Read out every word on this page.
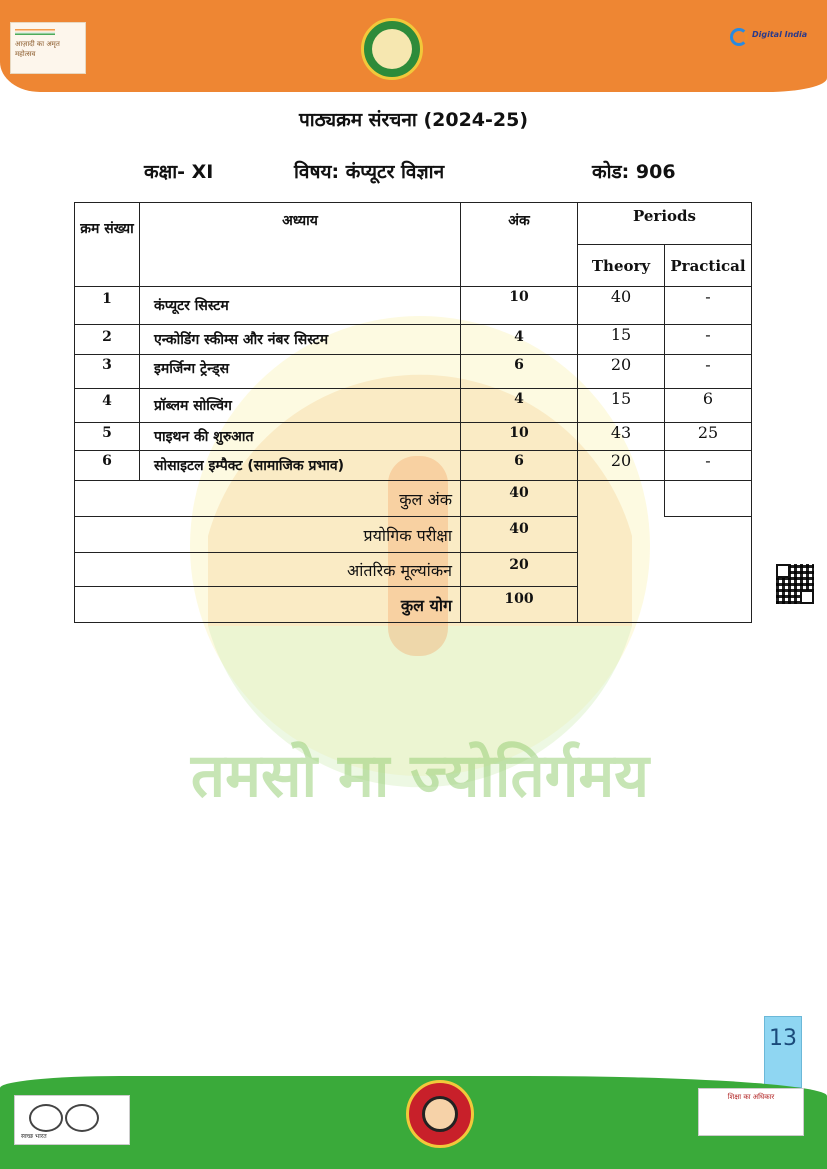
आज़ादी का अमृत महोत्सव
Digital India
तमसो मा ज्योतिर्गमय
पाठ्यक्रम संरचना (2024-25)
कक्षा- XI	विषय: कंप्यूटर विज्ञान	कोड: 906
क्रम संख्या	अध्याय	अंक	Periods	
			Theory	Practical
1	कंप्यूटर सिस्टम	10	40	-
2	एन्कोडिंग स्कीम्स और नंबर सिस्टम	4	15	-
3	इमर्जिन्ग ट्रेन्ड्स	6	20	-
4	प्रॉब्लम सोल्विंग	4	15	6
5	पाइथन की शुरुआत	10	43	25
6	सोसाइटल इम्पैक्ट (सामाजिक प्रभाव)	6	20	-
कुल अंक		40		
प्रयोगिक परीक्षा		40		
आंतरिक मूल्यांकन		20		
कुल योग		100		
13
स्वच्छ भारत
शिक्षा का अधिकार
